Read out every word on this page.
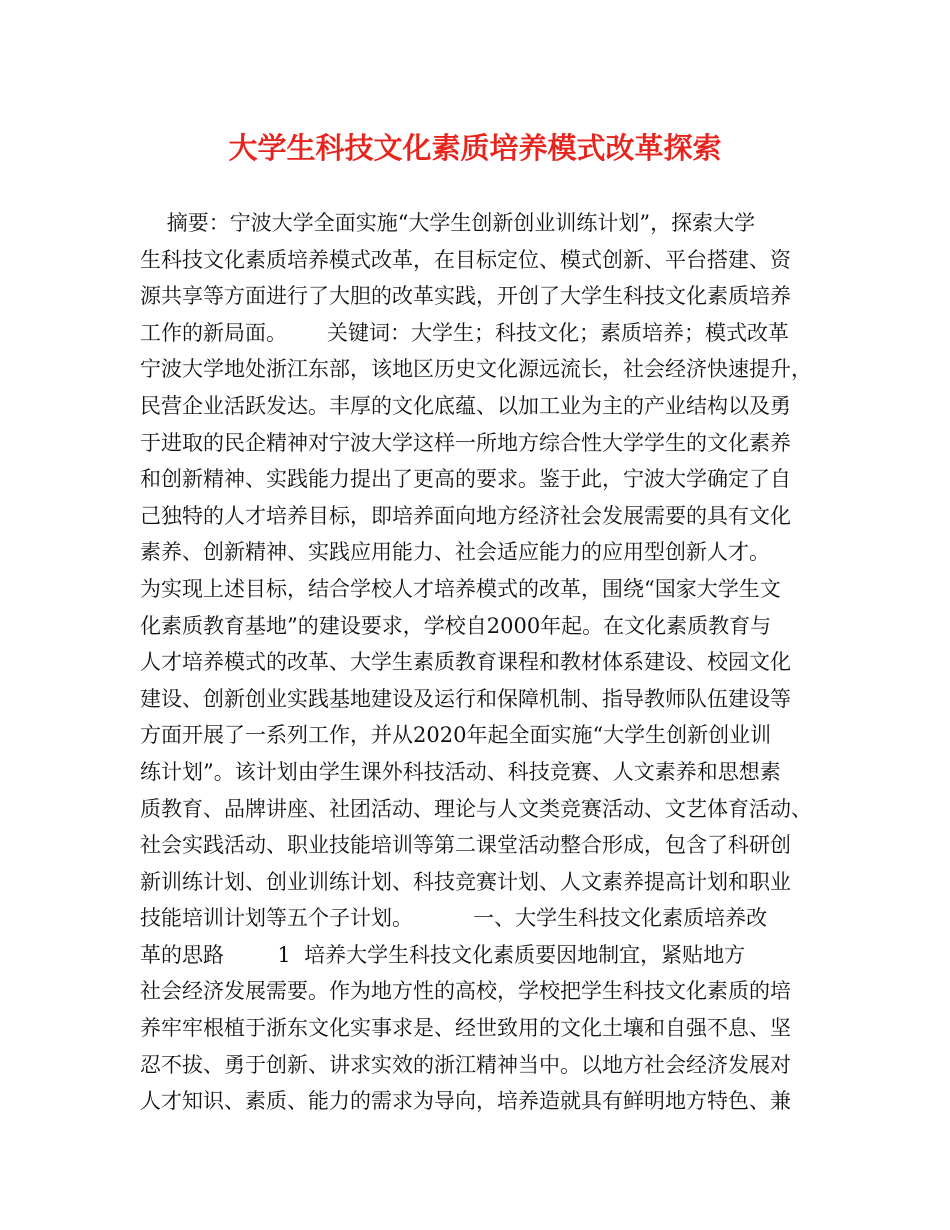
大学生科技文化素质培养模式改革探索
摘要：宁波大学全面实施“大学生创新创业训练计划”，探索大学
生科技文化素质培养模式改革，在目标定位、模式创新、平台搭建、资
源共享等方面进行了大胆的改革实践，开创了大学生科技文化素质培养
工作的新局面。      关键词：大学生；科技文化；素质培养；模式改革
宁波大学地处浙江东部，该地区历史文化源远流长，社会经济快速提升，
民营企业活跃发达。丰厚的文化底蕴、以加工业为主的产业结构以及勇
于进取的民企精神对宁波大学这样一所地方综合性大学学生的文化素养
和创新精神、实践能力提出了更高的要求。鉴于此，宁波大学确定了自
己独特的人才培养目标，即培养面向地方经济社会发展需要的具有文化
素养、创新精神、实践应用能力、社会适应能力的应用型创新人才。
为实现上述目标，结合学校人才培养模式的改革，围绕“国家大学生文
化素质教育基地”的建设要求，学校自2000年起。在文化素质教育与
人才培养模式的改革、大学生素质教育课程和教材体系建设、校园文化
建设、创新创业实践基地建设及运行和保障机制、指导教师队伍建设等
方面开展了一系列工作，并从2020年起全面实施“大学生创新创业训
练计划”。该计划由学生课外科技活动、科技竞赛、人文素养和思想素
质教育、品牌讲座、社团活动、理论与人文类竞赛活动、文艺体育活动、
社会实践活动、职业技能培训等第二课堂活动整合形成，包含了科研创
新训练计划、创业训练计划、科技竞赛计划、人文素养提高计划和职业
技能培训计划等五个子计划。         一、大学生科技文化素质培养改
革的思路        1  培养大学生科技文化素质要因地制宜，紧贴地方
社会经济发展需要。作为地方性的高校，学校把学生科技文化素质的培
养牢牢根植于浙东文化实事求是、经世致用的文化土壤和自强不息、坚
忍不拔、勇于创新、讲求实效的浙江精神当中。以地方社会经济发展对
人才知识、素质、能力的需求为导向，培养造就具有鲜明地方特色、兼
